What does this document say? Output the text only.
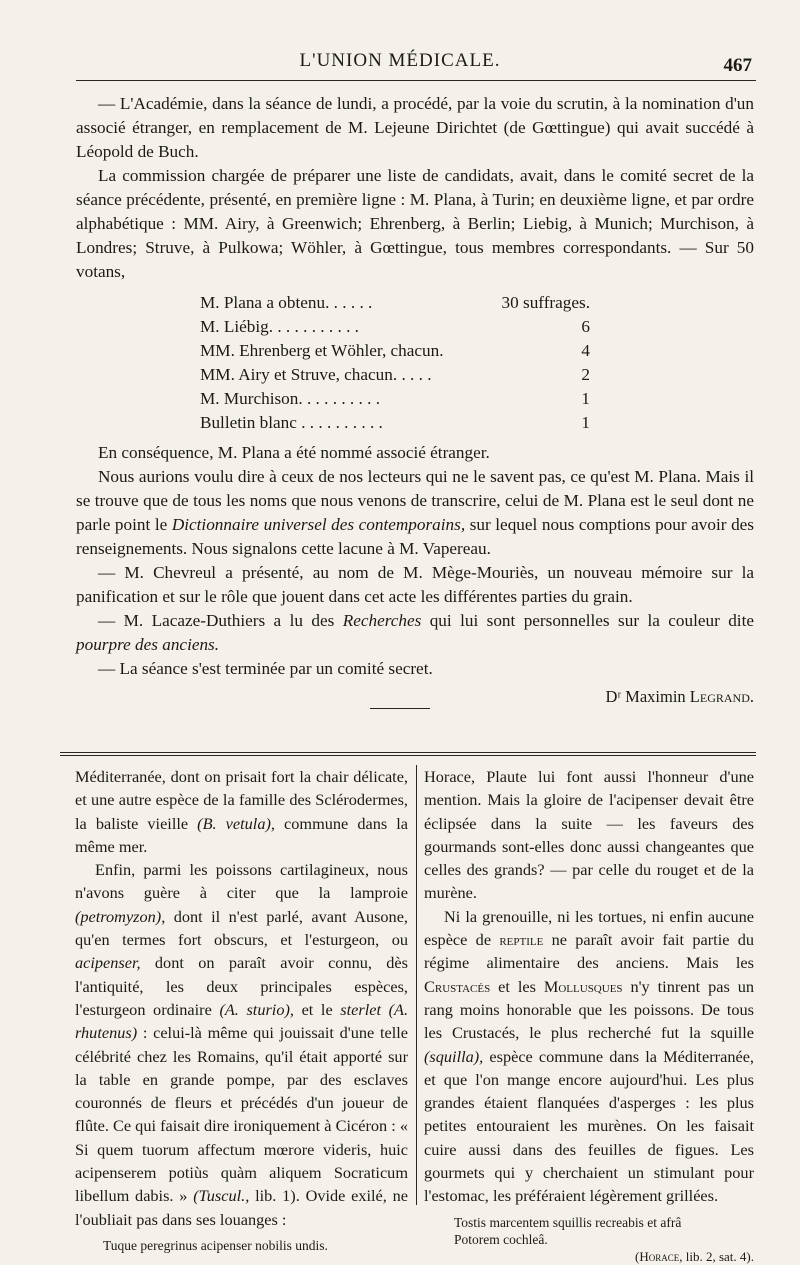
L'UNION MÉDICALE.	467

— L'Académie, dans la séance de lundi, a procédé, par la voie du scrutin, à la nomination d'un associé étranger, en remplacement de M. Lejeune Dirichtet (de Gœttingue) qui avait succédé à Léopold de Buch.

La commission chargée de préparer une liste de candidats, avait, dans le comité secret de la séance précédente, présenté, en première ligne : M. Plana, à Turin; en deuxième ligne, et par ordre alphabétique : MM. Airy, à Greenwich; Ehrenberg, à Berlin; Liebig, à Munich; Murchison, à Londres; Struve, à Pulkowa; Wöhler, à Gœttingue, tous membres correspondants. — Sur 50 votans,

M. Plana a obtenu. . . . . .	30 suffrages.
M. Liébig. . . . . . . . . . .	6
MM. Ehrenberg et Wöhler, chacun.	4
MM. Airy et Struve, chacun. . . . .	2
M. Murchison. . . . . . . . . .	1
Bulletin blanc . . . . . . . . . .	1

En conséquence, M. Plana a été nommé associé étranger.

Nous aurions voulu dire à ceux de nos lecteurs qui ne le savent pas, ce qu'est M. Plana. Mais il se trouve que de tous les noms que nous venons de transcrire, celui de M. Plana est le seul dont ne parle point le Dictionnaire universel des contemporains, sur lequel nous comptions pour avoir des renseignements. Nous signalons cette lacune à M. Vapereau.

— M. Chevreul a présenté, au nom de M. Mège-Mouriès, un nouveau mémoire sur la panification et sur le rôle que jouent dans cet acte les différentes parties du grain.

— M. Lacaze-Duthiers a lu des Recherches qui lui sont personnelles sur la couleur dite pourpre des anciens.

— La séance s'est terminée par un comité secret.

Dʳ Maximin Legrand.

Méditerranée, dont on prisait fort la chair délicate, et une autre espèce de la famille des Sclérodermes, la baliste vieille (B. vetula), commune dans la même mer.

Enfin, parmi les poissons cartilagineux, nous n'avons guère à citer que la lamproie (petromyzon), dont il n'est parlé, avant Ausone, qu'en termes fort obscurs, et l'esturgeon, ou acipenser, dont on paraît avoir connu, dès l'antiquité, les deux principales espèces, l'esturgeon ordinaire (A. sturio), et le sterlet (A. rhutenus) : celui-là même qui jouissait d'une telle célébrité chez les Romains, qu'il était apporté sur la table en grande pompe, par des esclaves couronnés de fleurs et précédés d'un joueur de flûte. Ce qui faisait dire ironiquement à Cicéron : « Si quem tuorum affectum mœrore videris, huic acipenserem potiùs quàm aliquem Socraticum libellum dabis. » (Tuscul., lib. 1). Ovide exilé, ne l'oubliait pas dans ses louanges :

Tuque peregrinus acipenser nobilis undis.

Horace, Plaute lui font aussi l'honneur d'une mention. Mais la gloire de l'acipenser devait être éclipsée dans la suite — les faveurs des gourmands sont-elles donc aussi changeantes que celles des grands? — par celle du rouget et de la murène.

Ni la grenouille, ni les tortues, ni enfin aucune espèce de reptile ne paraît avoir fait partie du régime alimentaire des anciens. Mais les Crustacés et les Mollusques n'y tinrent pas un rang moins honorable que les poissons. De tous les Crustacés, le plus recherché fut la squille (squilla), espèce commune dans la Méditerranée, et que l'on mange encore aujourd'hui. Les plus grandes étaient flanquées d'asperges : les plus petites entouraient les murènes. On les faisait cuire aussi dans des feuilles de figues. Les gourmets qui y cherchaient un stimulant pour l'estomac, les préféraient légèrement grillées.

Tostis marcentem squillis recreabis et afrâ
Potorem cochleâ.
(Horace, lib. 2, sat. 4).
